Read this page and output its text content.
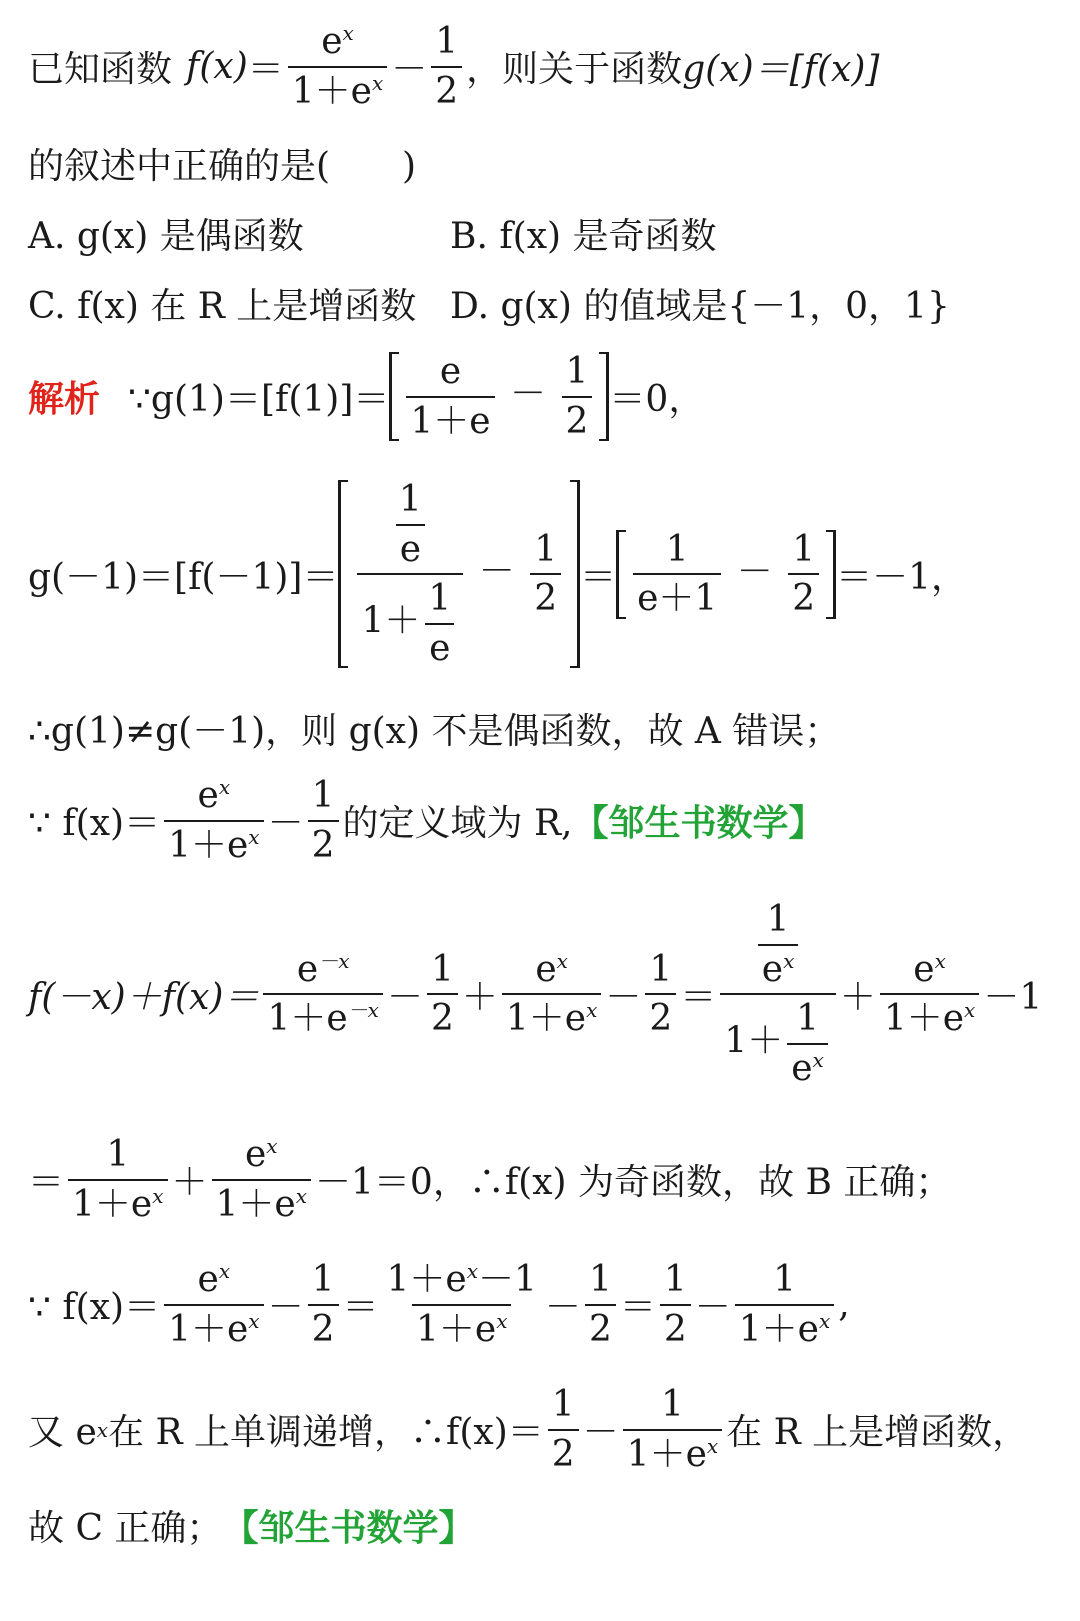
已知函数 $f(x) = \frac{e^x}{1+e^x} - \frac{1}{2}$ ，则关于函数 g(x)＝[f(x)]
的叙述中正确的是(　　)
A. g(x) 是偶函数	B. f(x) 是奇函数
C. f(x) 在 R 上是增函数 D. g(x) 的值域是{－1，0，1}
解析 ∵g(1)＝[f(1)]＝ $\frac{e}{1+e} - \frac{1}{2} =0$，
$g(-1)=[f(-1)]= \frac{\frac{1}{e}}{1+ \frac{1}{e}} - \frac{1}{2} = \frac{1}{e+1} - \frac{1}{2} =-1$，
∴g(1)≠g(－1)，则 g(x) 不是偶函数，故 A 错误；
∵ $f(x)= \frac{e^x}{1+e^x} - \frac{1}{2}$ 的定义域为 R, 【邹生书数学】
$f(-x)+f(x)= \frac{e^{-x}}{1+e^{-x}} - \frac{1}{2} + \frac{e^x}{1+e^x} - \frac{1}{2} = \frac{\frac{1}{e^x}}{1+ \frac{1}{e^x}} + \frac{e^x}{1+e^x} -1$
＝ $\frac{1}{1+e^x} + \frac{e^x}{1+e^x} -1=0$，∴f(x) 为奇函数，故 B 正确；
∵ $f(x)= \frac{e^x}{1+e^x} - \frac{1}{2} = \frac{1+e^x-1}{1+e^x} - \frac{1}{2} = \frac{1}{2} - \frac{1}{1+e^x}$ ,
又 e x 在 R 上单调递增，∴f(x)＝ $\frac{1}{2} - \frac{1}{1+e^x}$ 在 R 上是增函数，
故 C 正确； 【邹生书数学】
